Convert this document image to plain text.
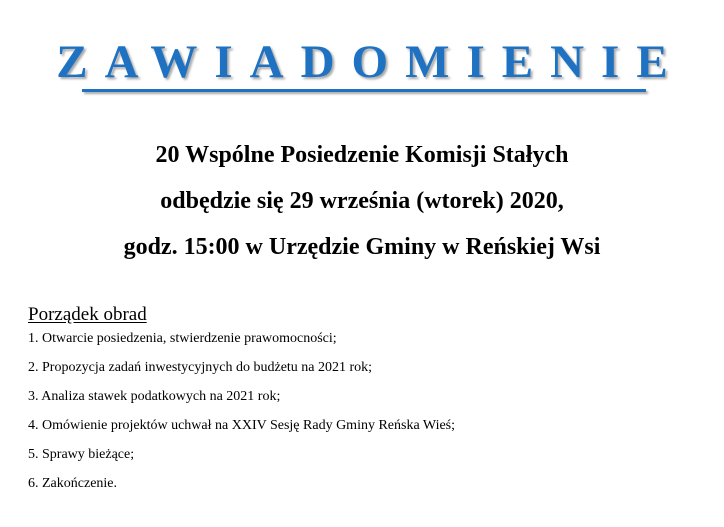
ZAWIADOMIENIE
20 Wspólne Posiedzenie Komisji Stałych
odbędzie się 29 września (wtorek) 2020,
godz. 15:00 w Urzędzie Gminy w Reńskiej Wsi
Porządek obrad
1. Otwarcie posiedzenia, stwierdzenie prawomocności;
2. Propozycja zadań inwestycyjnych do budżetu na 2021 rok;
3. Analiza stawek podatkowych na 2021 rok;
4. Omówienie projektów uchwał na XXIV Sesję Rady Gminy Reńska Wieś;
5. Sprawy bieżące;
6. Zakończenie.
